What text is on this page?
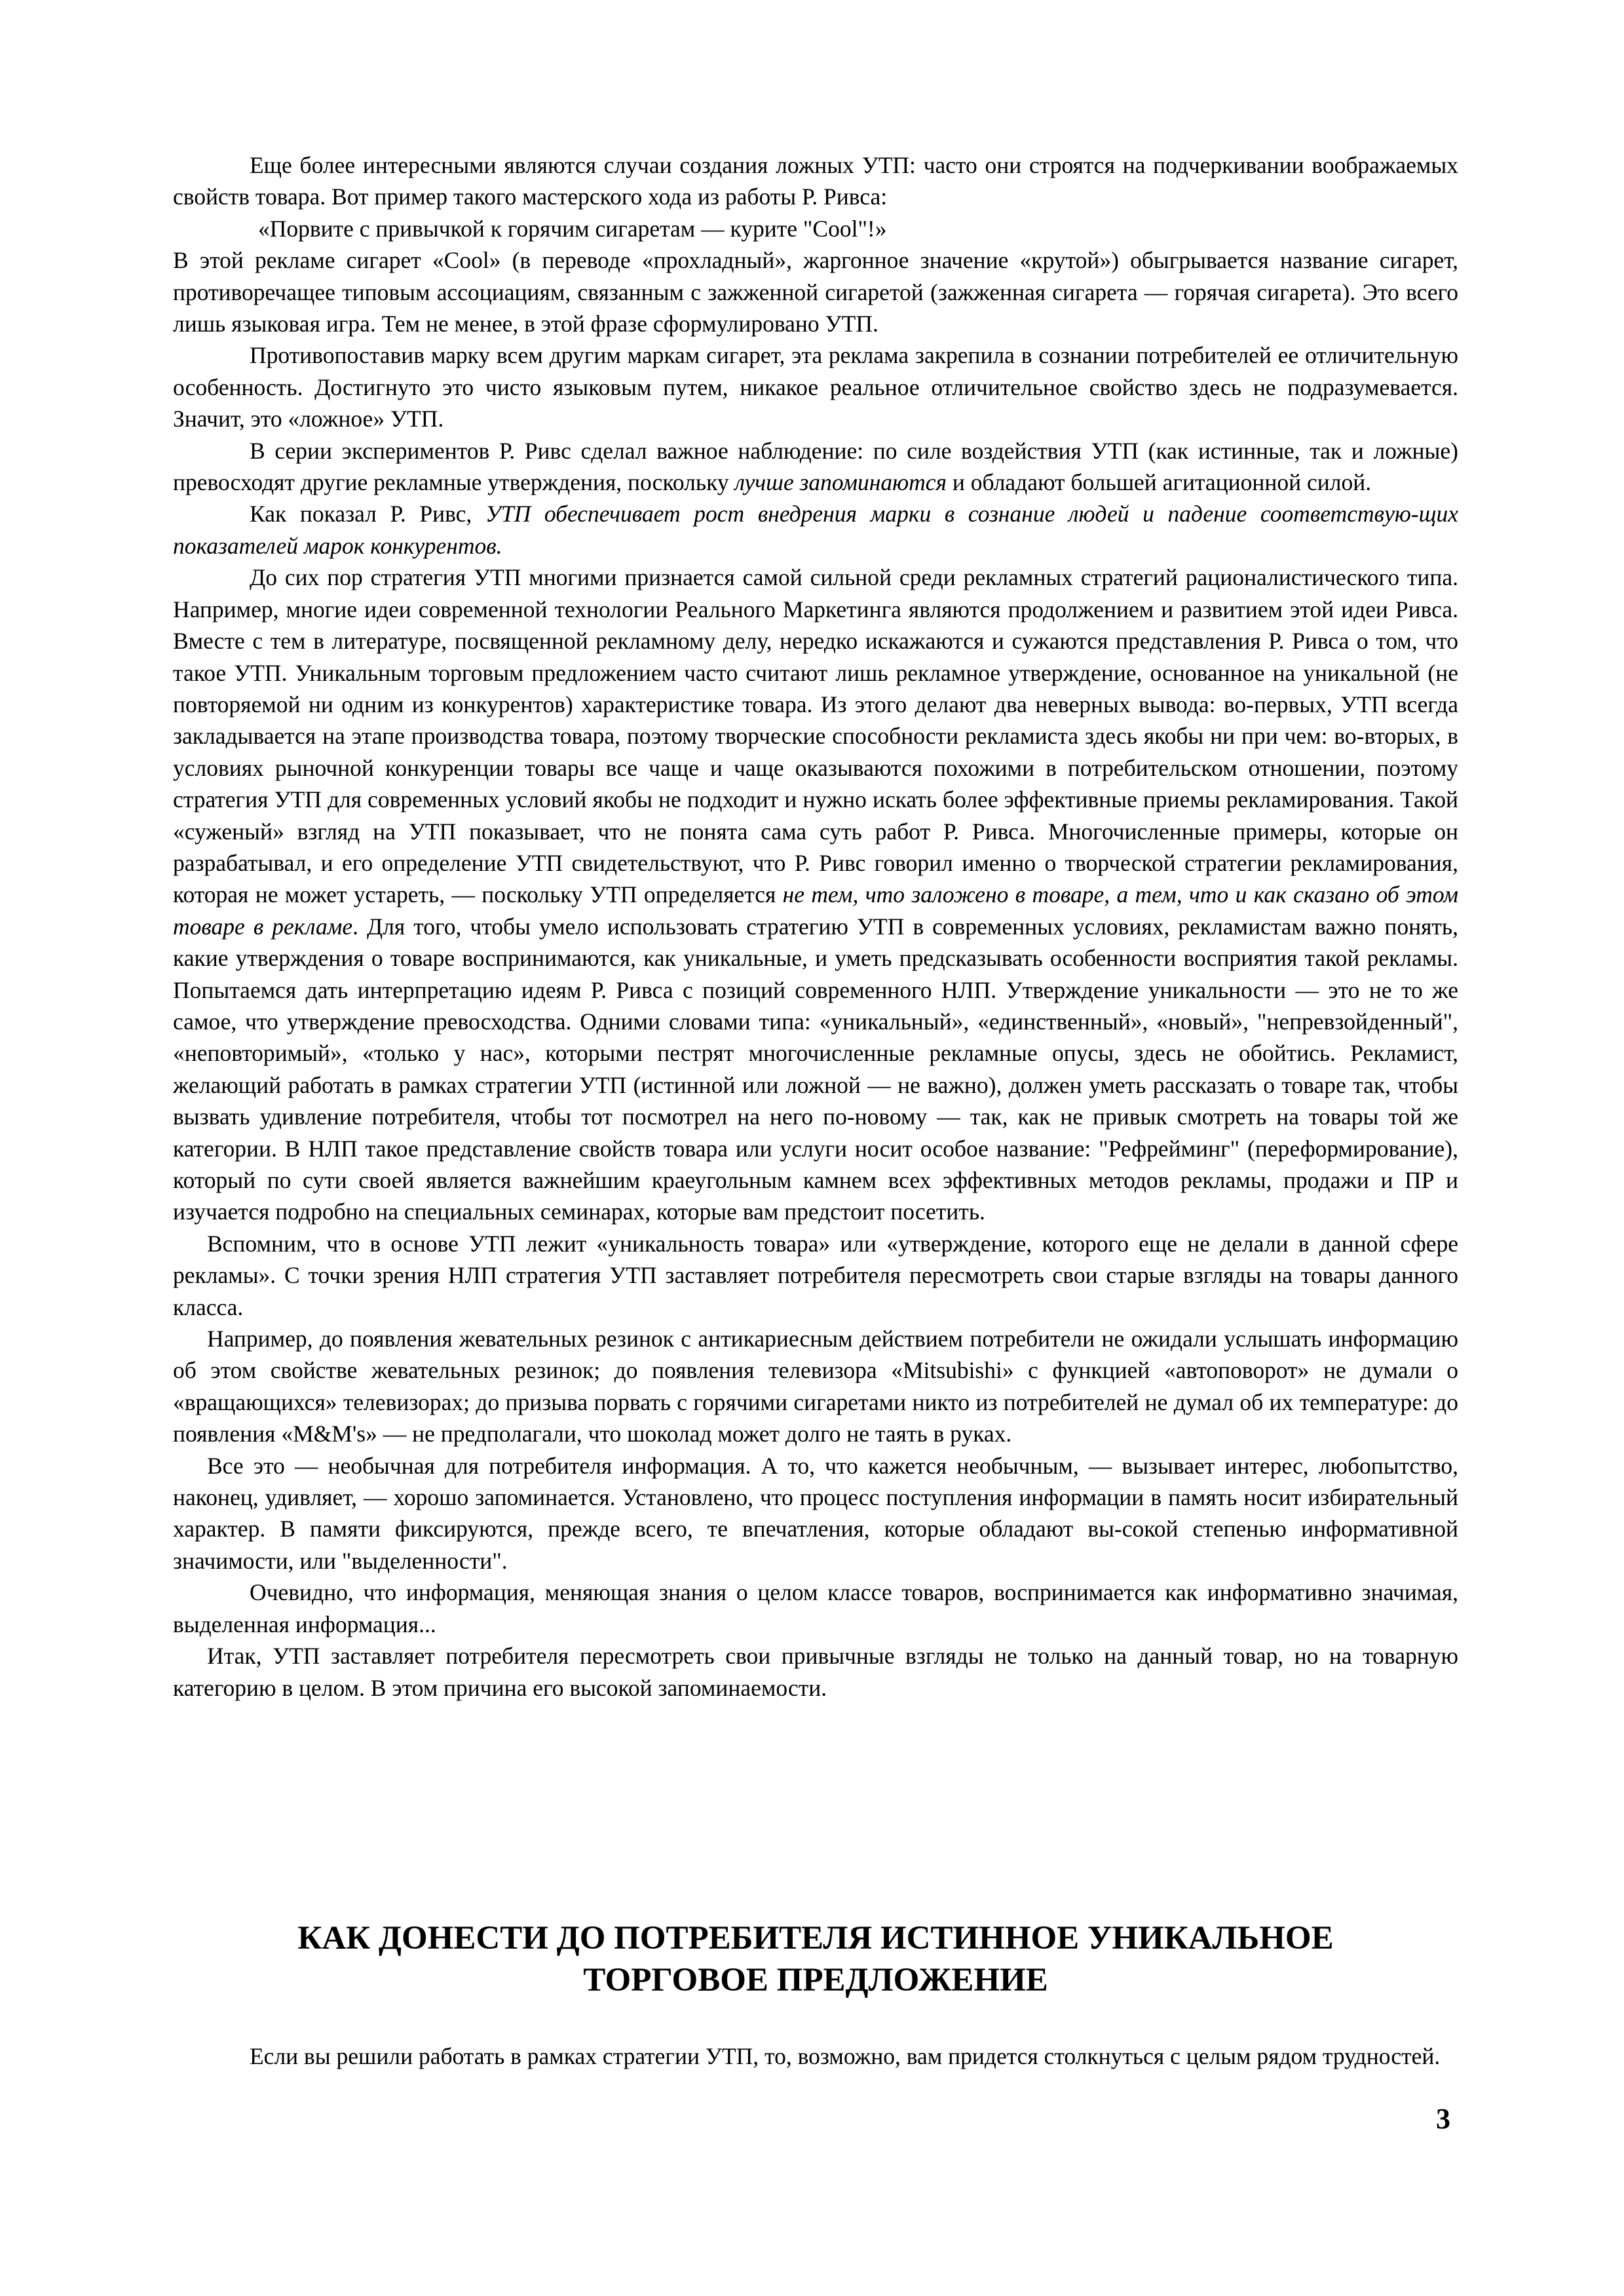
Еще более интересными являются случаи создания ложных УТП: часто они строятся на подчеркивании воображаемых свойств товара. Вот пример такого мастерского хода из работы Р. Ривса:

«Порвите с привычкой к горячим сигаретам — курите "Cool"!»

В этой рекламе сигарет «Cool» (в переводе «прохладный», жаргонное значение «крутой») обыгрывается название сигарет, противоречащее типовым ассоциациям, связанным с зажженной сигаретой (зажженная сигарета — горячая сигарета). Это всего лишь языковая игра. Тем не менее, в этой фразе сформулировано УТП.

Противопоставив марку всем другим маркам сигарет, эта реклама закрепила в сознании потребителей ее отличительную особенность. Достигнуто это чисто языковым путем, никакое реальное отличительное свойство здесь не подразумевается. Значит, это «ложное» УТП.

В серии экспериментов Р. Ривс сделал важное наблюдение: по силе воздействия УТП (как истинные, так и ложные) превосходят другие рекламные утверждения, поскольку лучше запоминаются и обладают большей агитационной силой.

Как показал Р. Ривс, УТП обеспечивает рост внедрения марки в сознание людей и падение соответствую-щих показателей марок конкурентов.

До сих пор стратегия УТП многими признается самой сильной среди рекламных стратегий рационалистического типа. Например, многие идеи современной технологии Реального Маркетинга являются продолжением и развитием этой идеи Ривса. Вместе с тем в литературе, посвященной рекламному делу, нередко искажаются и сужаются представления Р. Ривса о том, что такое УТП. Уникальным торговым предложением часто считают лишь рекламное утверждение, основанное на уникальной (не повторяемой ни одним из конкурентов) характеристике товара. Из этого делают два неверных вывода: во-первых, УТП всегда закладывается на этапе производства товара, поэтому творческие способности рекламиста здесь якобы ни при чем: во-вторых, в условиях рыночной конкуренции товары все чаще и чаще оказываются похожими в потребительском отношении, поэтому стратегия УТП для современных условий якобы не подходит и нужно искать более эффективные приемы рекламирования. Такой «суженый» взгляд на УТП показывает, что не понята сама суть работ Р. Ривса. Многочисленные примеры, которые он разрабатывал, и его определение УТП свидетельствуют, что Р. Ривс говорил именно о творческой стратегии рекламирования, которая не может устареть, — поскольку УТП определяется не тем, что заложено в товаре, а тем, что и как сказано об этом товаре в рекламе. Для того, чтобы умело использовать стратегию УТП в современных условиях, рекламистам важно понять, какие утверждения о товаре воспринимаются, как уникальные, и уметь предсказывать особенности восприятия такой рекламы. Попытаемся дать интерпретацию идеям Р. Ривса с позиций современного НЛП. Утверждение уникальности — это не то же самое, что утверждение превосходства. Одними словами типа: «уникальный», «единственный», «новый», "непревзойденный", «неповторимый», «только у нас», которыми пестрят многочисленные рекламные опусы, здесь не обойтись. Рекламист, желающий работать в рамках стратегии УТП (истинной или ложной — не важно), должен уметь рассказать о товаре так, чтобы вызвать удивление потребителя, чтобы тот посмотрел на него по-новому — так, как не привык смотреть на товары той же категории. В НЛП такое представление свойств товара или услуги носит особое название: "Рефрейминг" (переформирование), который по сути своей является важнейшим краеугольным камнем всех эффективных методов рекламы, продажи и ПР и изучается подробно на специальных семинарах, которые вам предстоит посетить.

Вспомним, что в основе УТП лежит «уникальность товара» или «утверждение, которого еще не делали в данной сфере рекламы». С точки зрения НЛП стратегия УТП заставляет потребителя пересмотреть свои старые взгляды на товары данного класса.

Например, до появления жевательных резинок с антикариесным действием потребители не ожидали услышать информацию об этом свойстве жевательных резинок; до появления телевизора «Mitsubishi» с функцией «автоповорот» не думали о «вращающихся» телевизорах; до призыва порвать с горячими сигаретами никто из потребителей не думал об их температуре: до появления «M&M's» — не предполагали, что шоколад может долго не таять в руках.

Все это — необычная для потребителя информация. А то, что кажется необычным, — вызывает интерес, любопытство, наконец, удивляет, — хорошо запоминается. Установлено, что процесс поступления информации в память носит избирательный характер. В памяти фиксируются, прежде всего, те впечатления, которые обладают вы-сокой степенью информативной значимости, или "выделенности".

Очевидно, что информация, меняющая знания о целом классе товаров, воспринимается как информативно значимая, выделенная информация...

Итак, УТП заставляет потребителя пересмотреть свои привычные взгляды не только на данный товар, но на товарную категорию в целом. В этом причина его высокой запоминаемости.

КАК ДОНЕСТИ ДО ПОТРЕБИТЕЛЯ ИСТИННОЕ УНИКАЛЬНОЕ
ТОРГОВОЕ ПРЕДЛОЖЕНИЕ

Если вы решили работать в рамках стратегии УТП, то, возможно, вам придется столкнуться с целым рядом трудностей.

3
